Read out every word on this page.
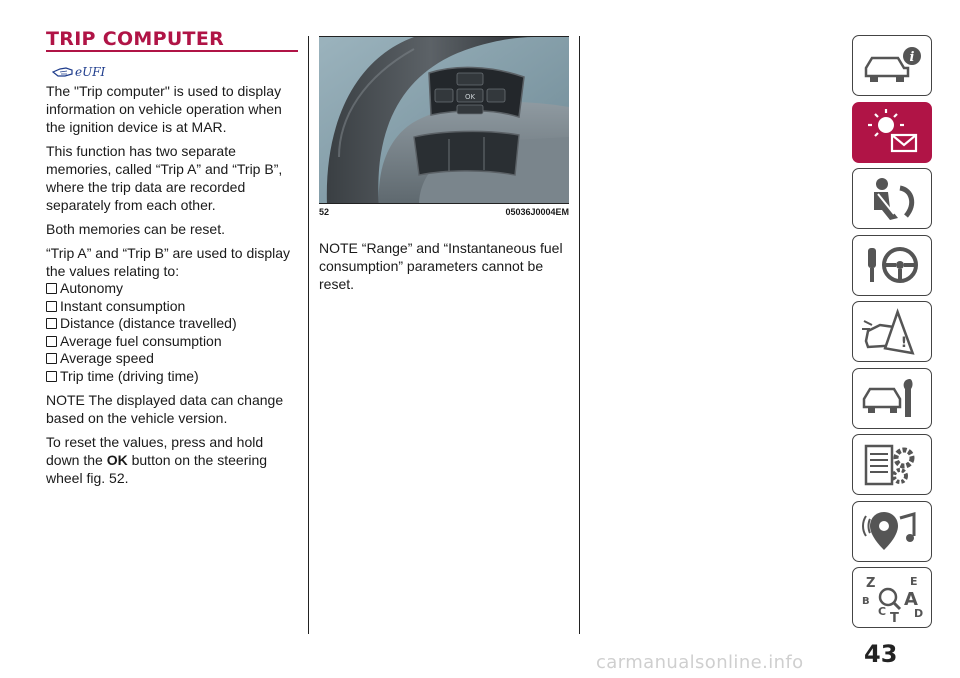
TRIP COMPUTER
eUFI

The "Trip computer" is used to display information on vehicle operation when the ignition device is at MAR.

This function has two separate memories, called “Trip A” and “Trip B”, where the trip data are recorded separately from each other.

Both memories can be reset.

“Trip A” and “Trip B” are used to display the values relating to:

Autonomy
Instant consumption
Distance (distance travelled)
Average fuel consumption
Average speed
Trip time (driving time)

NOTE The displayed data can change based on the vehicle version.

To reset the values, press and hold down the OK button on the steering wheel fig. 52.

OK
52	05036J0004EM

NOTE “Range” and “Instantaneous fuel consumption” parameters cannot be reset.

i
!
Z	E
B A
C	D
T
43
carmanualsonline.info
